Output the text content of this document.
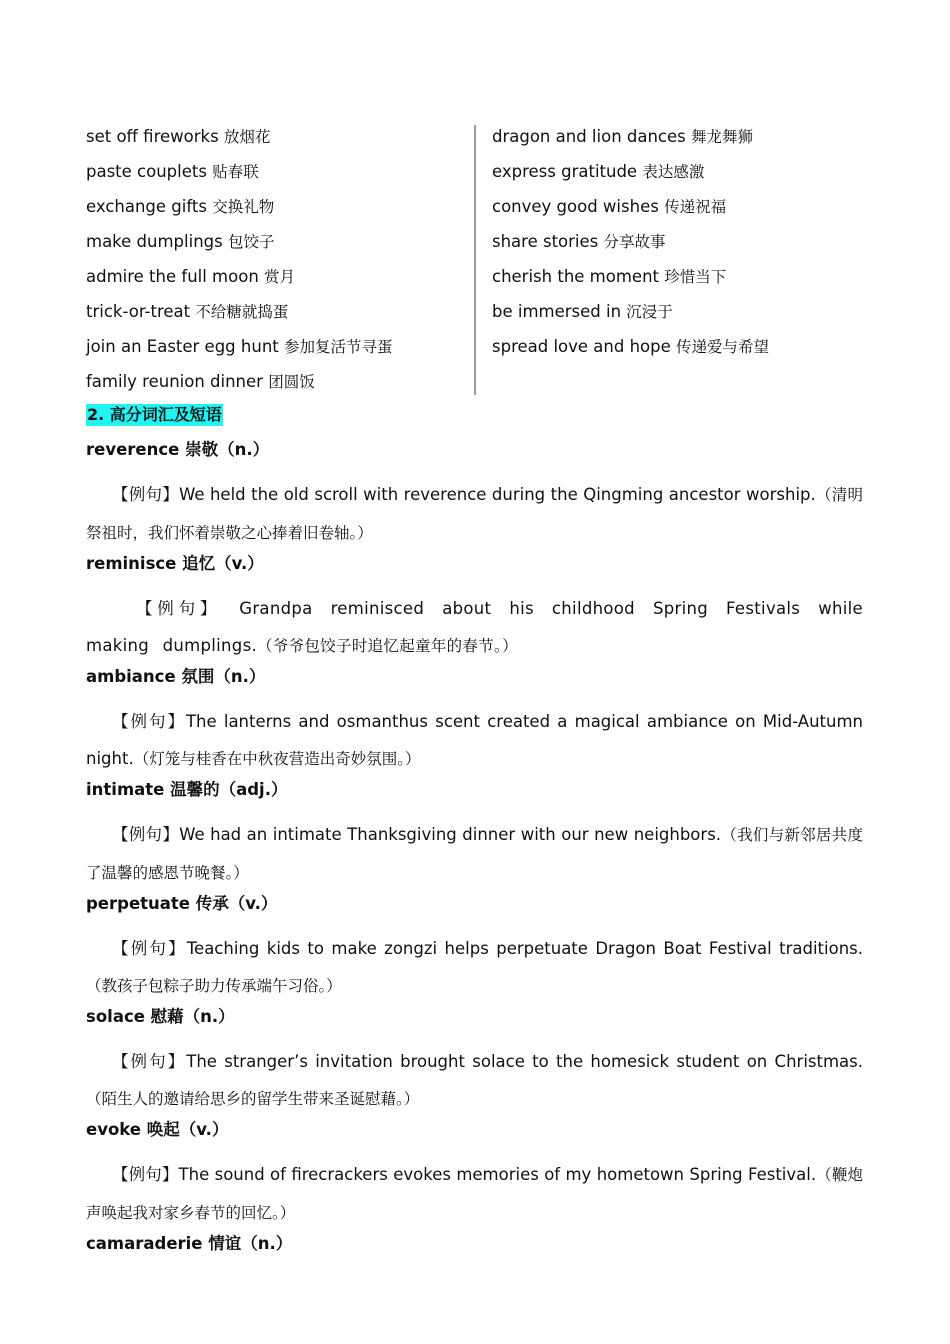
set off fireworks 放烟花
paste couplets 贴春联
exchange gifts 交换礼物
make dumplings 包饺子
admire the full moon 赏月
trick-or-treat 不给糖就捣蛋
join an Easter egg hunt 参加复活节寻蛋
family reunion dinner 团圆饭
dragon and lion dances 舞龙舞狮
express gratitude 表达感激
convey good wishes 传递祝福
share stories 分享故事
cherish the moment 珍惜当下
be immersed in 沉浸于
spread love and hope 传递爱与希望
2. 高分词汇及短语
reverence 崇敬（n.）
【例句】We held the old scroll with reverence during the Qingming ancestor worship.（清明祭祖时，我们怀着崇敬之心捧着旧卷轴。）
reminisce 追忆（v.）
【例句】 Grandpa reminisced about his childhood Spring Festivals while making dumplings.（爷爷包饺子时追忆起童年的春节。）
ambiance 氛围（n.）
【例句】The lanterns and osmanthus scent created a magical ambiance on Mid-Autumn night.（灯笼与桂香在中秋夜营造出奇妙氛围。）
intimate 温馨的（adj.）
【例句】We had an intimate Thanksgiving dinner with our new neighbors.（我们与新邻居共度了温馨的感恩节晚餐。）
perpetuate 传承（v.）
【例句】Teaching kids to make zongzi helps perpetuate Dragon Boat Festival traditions.（教孩子包粽子助力传承端午习俗。）
solace 慰藉（n.）
【例句】The stranger’s invitation brought solace to the homesick student on Christmas.（陌生人的邀请给思乡的留学生带来圣诞慰藉。）
evoke 唤起（v.）
【例句】The sound of firecrackers evokes memories of my hometown Spring Festival.（鞭炮声唤起我对家乡春节的回忆。）
camaraderie 情谊（n.）
